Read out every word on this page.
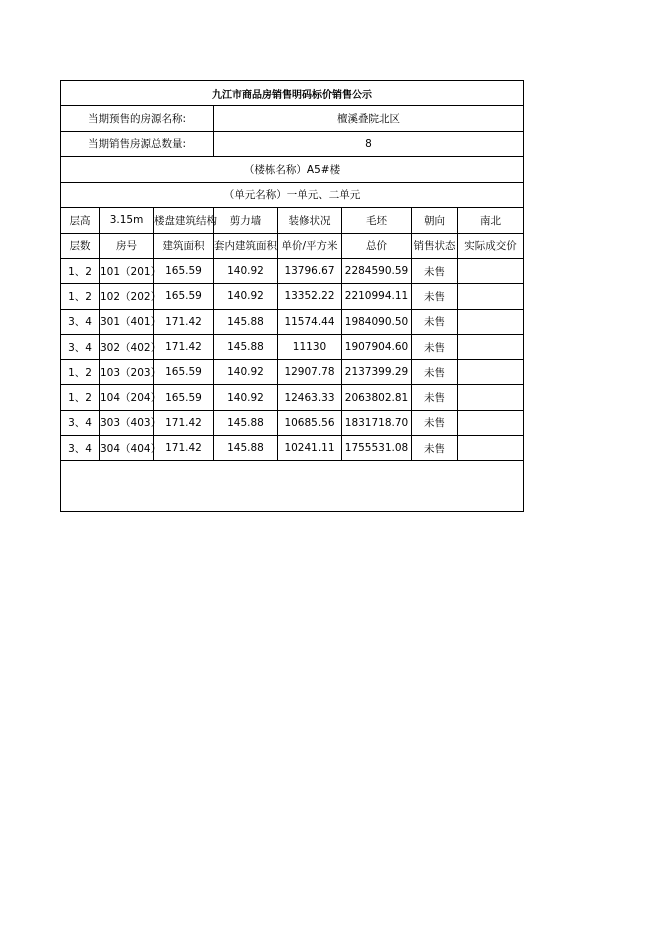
九江市商品房销售明码标价销售公示							
当期预售的房源名称:			檀溪叠院北区				
当期销售房源总数量:			8				
（楼栋名称）A5#楼							
（单元名称）一单元、二单元							
层高	3.15m	楼盘建筑结构	剪力墙	装修状况	毛坯	朝向	南北
层数	房号	建筑面积	套内建筑面积	单价/平方米	总价	销售状态	实际成交价
1、2	101（201）	165.59	140.92	13796.67	2284590.59	未售	
1、2	102（202）	165.59	140.92	13352.22	2210994.11	未售	
3、4	301（401）	171.42	145.88	11574.44	1984090.50	未售	
3、4	302（402）	171.42	145.88	11130	1907904.60	未售	
1、2	103（203）	165.59	140.92	12907.78	2137399.29	未售	
1、2	104（204）	165.59	140.92	12463.33	2063802.81	未售	
3、4	303（403）	171.42	145.88	10685.56	1831718.70	未售	
3、4	304（404）	171.42	145.88	10241.11	1755531.08	未售	
